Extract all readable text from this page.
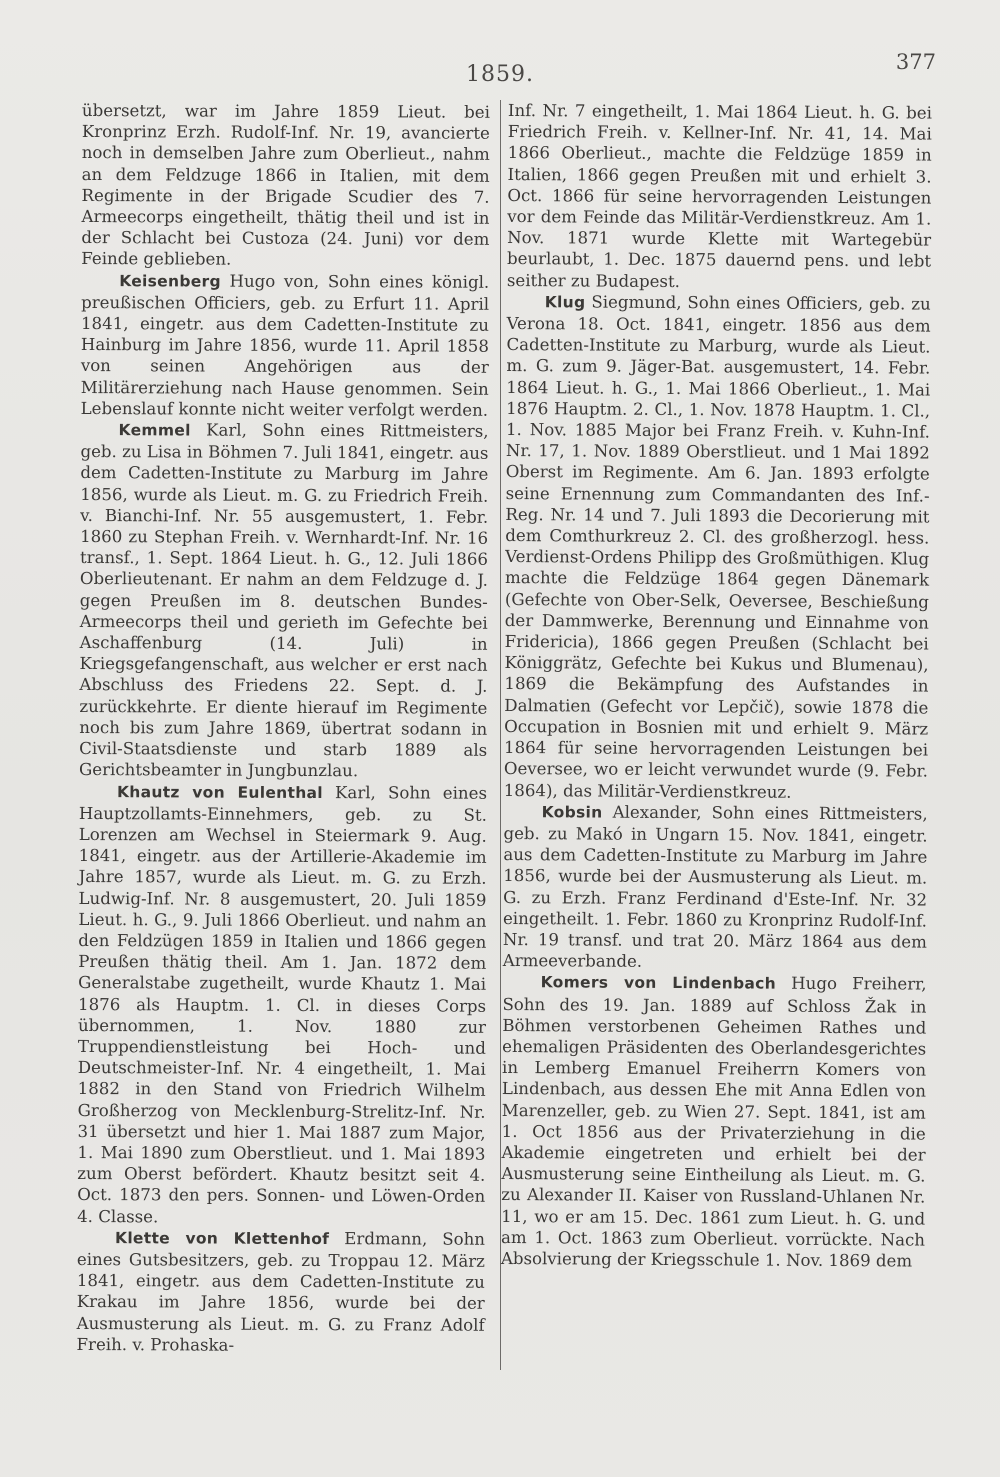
1859.	377

übersetzt, war im Jahre 1859 Lieut. bei Kronprinz Erzh. Rudolf-Inf. Nr. 19, avancierte noch in demselben Jahre zum Oberlieut., nahm an dem Feldzuge 1866 in Italien, mit dem Regimente in der Brigade Scudier des 7. Armeecorps eingetheilt, thätig theil und ist in der Schlacht bei Custoza (24. Juni) vor dem Feinde geblieben.

Keisenberg Hugo von, Sohn eines königl. preußischen Officiers, geb. zu Erfurt 11. April 1841, eingetr. aus dem Cadetten-Institute zu Hainburg im Jahre 1856, wurde 11. April 1858 von seinen Angehörigen aus der Militärerziehung nach Hause genommen. Sein Lebenslauf konnte nicht weiter verfolgt werden.

Kemmel Karl, Sohn eines Rittmeisters, geb. zu Lisa in Böhmen 7. Juli 1841, eingetr. aus dem Cadetten-Institute zu Marburg im Jahre 1856, wurde als Lieut. m. G. zu Friedrich Freih. v. Bianchi-Inf. Nr. 55 ausgemustert, 1. Febr. 1860 zu Stephan Freih. v. Wernhardt-Inf. Nr. 16 transf., 1. Sept. 1864 Lieut. h. G., 12. Juli 1866 Oberlieutenant. Er nahm an dem Feldzuge d. J. gegen Preußen im 8. deutschen Bundes-Armeecorps theil und gerieth im Gefechte bei Aschaffenburg (14. Juli) in Kriegsgefangenschaft, aus welcher er erst nach Abschluss des Friedens 22. Sept. d. J. zurückkehrte. Er diente hierauf im Regimente noch bis zum Jahre 1869, übertrat sodann in Civil-Staatsdienste und starb 1889 als Gerichtsbeamter in Jungbunzlau.

Khautz von Eulenthal Karl, Sohn eines Hauptzollamts-Einnehmers, geb. zu St. Lorenzen am Wechsel in Steiermark 9. Aug. 1841, eingetr. aus der Artillerie-Akademie im Jahre 1857, wurde als Lieut. m. G. zu Erzh. Ludwig-Inf. Nr. 8 ausgemustert, 20. Juli 1859 Lieut. h. G., 9. Juli 1866 Oberlieut. und nahm an den Feldzügen 1859 in Italien und 1866 gegen Preußen thätig theil. Am 1. Jan. 1872 dem Generalstabe zugetheilt, wurde Khautz 1. Mai 1876 als Hauptm. 1. Cl. in dieses Corps übernommen, 1. Nov. 1880 zur Truppendienstleistung bei Hoch- und Deutschmeister-Inf. Nr. 4 eingetheilt, 1. Mai 1882 in den Stand von Friedrich Wilhelm Großherzog von Mecklenburg-Strelitz-Inf. Nr. 31 übersetzt und hier 1. Mai 1887 zum Major, 1. Mai 1890 zum Oberstlieut. und 1. Mai 1893 zum Oberst befördert. Khautz besitzt seit 4. Oct. 1873 den pers. Sonnen- und Löwen-Orden 4. Classe.

Klette von Klettenhof Erdmann, Sohn eines Gutsbesitzers, geb. zu Troppau 12. März 1841, eingetr. aus dem Cadetten-Institute zu Krakau im Jahre 1856, wurde bei der Ausmusterung als Lieut. m. G. zu Franz Adolf Freih. v. Prohaska-

Inf. Nr. 7 eingetheilt, 1. Mai 1864 Lieut. h. G. bei Friedrich Freih. v. Kellner-Inf. Nr. 41, 14. Mai 1866 Oberlieut., machte die Feldzüge 1859 in Italien, 1866 gegen Preußen mit und erhielt 3. Oct. 1866 für seine hervorragenden Leistungen vor dem Feinde das Militär-Verdienstkreuz. Am 1. Nov. 1871 wurde Klette mit Wartegebür beurlaubt, 1. Dec. 1875 dauernd pens. und lebt seither zu Budapest.

Klug Siegmund, Sohn eines Officiers, geb. zu Verona 18. Oct. 1841, eingetr. 1856 aus dem Cadetten-Institute zu Marburg, wurde als Lieut. m. G. zum 9. Jäger-Bat. ausgemustert, 14. Febr. 1864 Lieut. h. G., 1. Mai 1866 Oberlieut., 1. Mai 1876 Hauptm. 2. Cl., 1. Nov. 1878 Hauptm. 1. Cl., 1. Nov. 1885 Major bei Franz Freih. v. Kuhn-Inf. Nr. 17, 1. Nov. 1889 Oberstlieut. und 1 Mai 1892 Oberst im Regimente. Am 6. Jan. 1893 erfolgte seine Ernennung zum Commandanten des Inf.-Reg. Nr. 14 und 7. Juli 1893 die Decorierung mit dem Comthurkreuz 2. Cl. des großherzogl. hess. Verdienst-Ordens Philipp des Großmüthigen. Klug machte die Feldzüge 1864 gegen Dänemark (Gefechte von Ober-Selk, Oeversee, Beschießung der Dammwerke, Berennung und Einnahme von Fridericia), 1866 gegen Preußen (Schlacht bei Königgrätz, Gefechte bei Kukus und Blumenau), 1869 die Bekämpfung des Aufstandes in Dalmatien (Gefecht vor Lepčič), sowie 1878 die Occupation in Bosnien mit und erhielt 9. März 1864 für seine hervorragenden Leistungen bei Oeversee, wo er leicht verwundet wurde (9. Febr. 1864), das Militär-Verdienstkreuz.

Kobsin Alexander, Sohn eines Rittmeisters, geb. zu Makó in Ungarn 15. Nov. 1841, eingetr. aus dem Cadetten-Institute zu Marburg im Jahre 1856, wurde bei der Ausmusterung als Lieut. m. G. zu Erzh. Franz Ferdinand d'Este-Inf. Nr. 32 eingetheilt. 1. Febr. 1860 zu Kronprinz Rudolf-Inf. Nr. 19 transf. und trat 20. März 1864 aus dem Armeeverbande.

Komers von Lindenbach Hugo Freiherr, Sohn des 19. Jan. 1889 auf Schloss Žak in Böhmen verstorbenen Geheimen Rathes und ehemaligen Präsidenten des Oberlandesgerichtes in Lemberg Emanuel Freiherrn Komers von Lindenbach, aus dessen Ehe mit Anna Edlen von Marenzeller, geb. zu Wien 27. Sept. 1841, ist am 1. Oct 1856 aus der Privaterziehung in die Akademie eingetreten und erhielt bei der Ausmusterung seine Eintheilung als Lieut. m. G. zu Alexander II. Kaiser von Russland-Uhlanen Nr. 11, wo er am 15. Dec. 1861 zum Lieut. h. G. und am 1. Oct. 1863 zum Oberlieut. vorrückte. Nach Absolvierung der Kriegsschule 1. Nov. 1869 dem
